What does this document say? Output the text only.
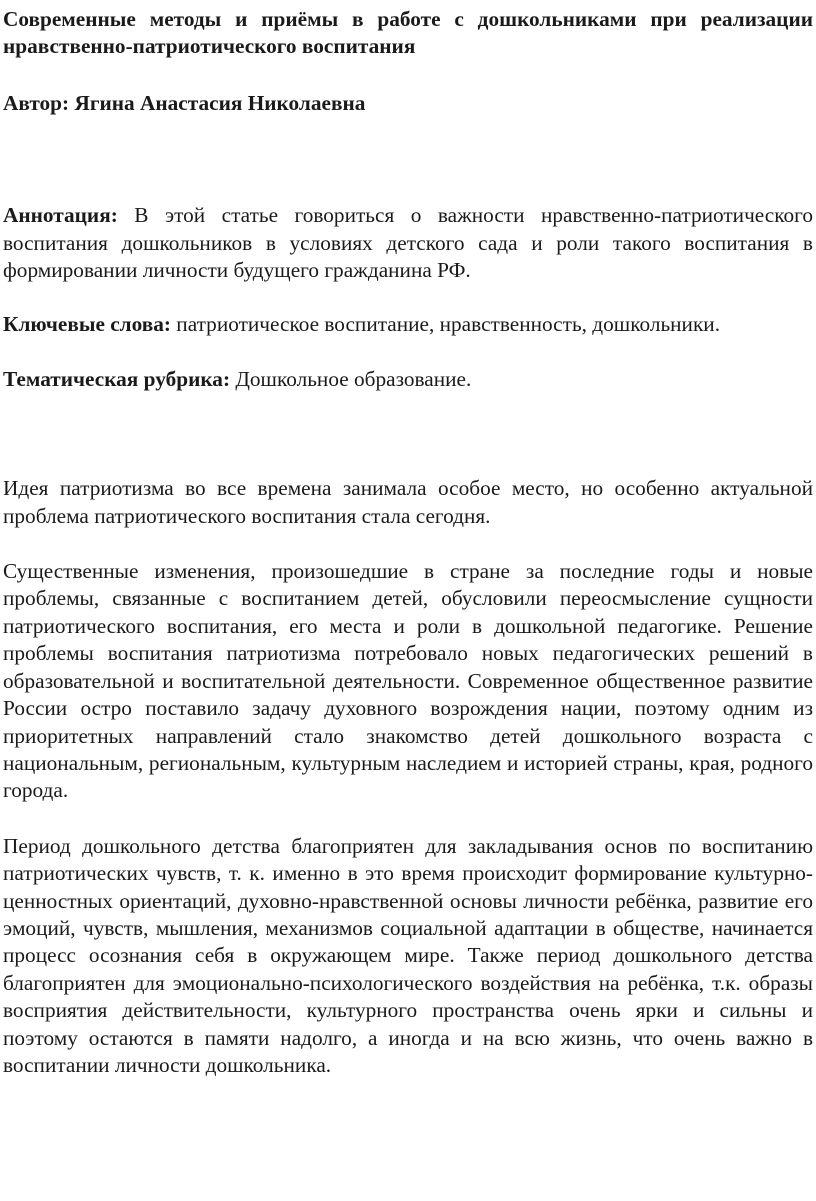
Современные методы и приёмы в работе с дошкольниками при реализации нравственно-патриотического воспитания
Автор: Ягина Анастасия Николаевна

Аннотация: В этой статье говориться о важности нравственно-патриотического воспитания дошкольников в условиях детского сада и роли такого воспитания в формировании личности будущего гражданина РФ.

Ключевые слова: патриотическое воспитание, нравственность, дошкольники.

Тематическая рубрика: Дошкольное образование.

Идея патриотизма во все времена занимала особое место, но особенно актуальной проблема патриотического воспитания стала сегодня.

Существенные изменения, произошедшие в стране за последние годы и новые проблемы, связанные с воспитанием детей, обусловили переосмысление сущности патриотического воспитания, его места и роли в дошкольной педагогике. Решение проблемы воспитания патриотизма потребовало новых педагогических решений в образовательной и воспитательной деятельности. Современное общественное развитие России остро поставило задачу духовного возрождения нации, поэтому одним из приоритетных направлений стало знакомство детей дошкольного возраста с национальным, региональным, культурным наследием и историей страны, края, родного города.

Период дошкольного детства благоприятен для закладывания основ по воспитанию патриотических чувств, т. к. именно в это время происходит формирование культурно-ценностных ориентаций, духовно-нравственной основы личности ребёнка, развитие его эмоций, чувств, мышления, механизмов социальной адаптации в обществе, начинается процесс осознания себя в окружающем мире. Также период дошкольного детства благоприятен для эмоционально-психологического воздействия на ребёнка, т.к. образы восприятия действительности, культурного пространства очень ярки и сильны и поэтому остаются в памяти надолго, а иногда и на всю жизнь, что очень важно в воспитании личности дошкольника.
